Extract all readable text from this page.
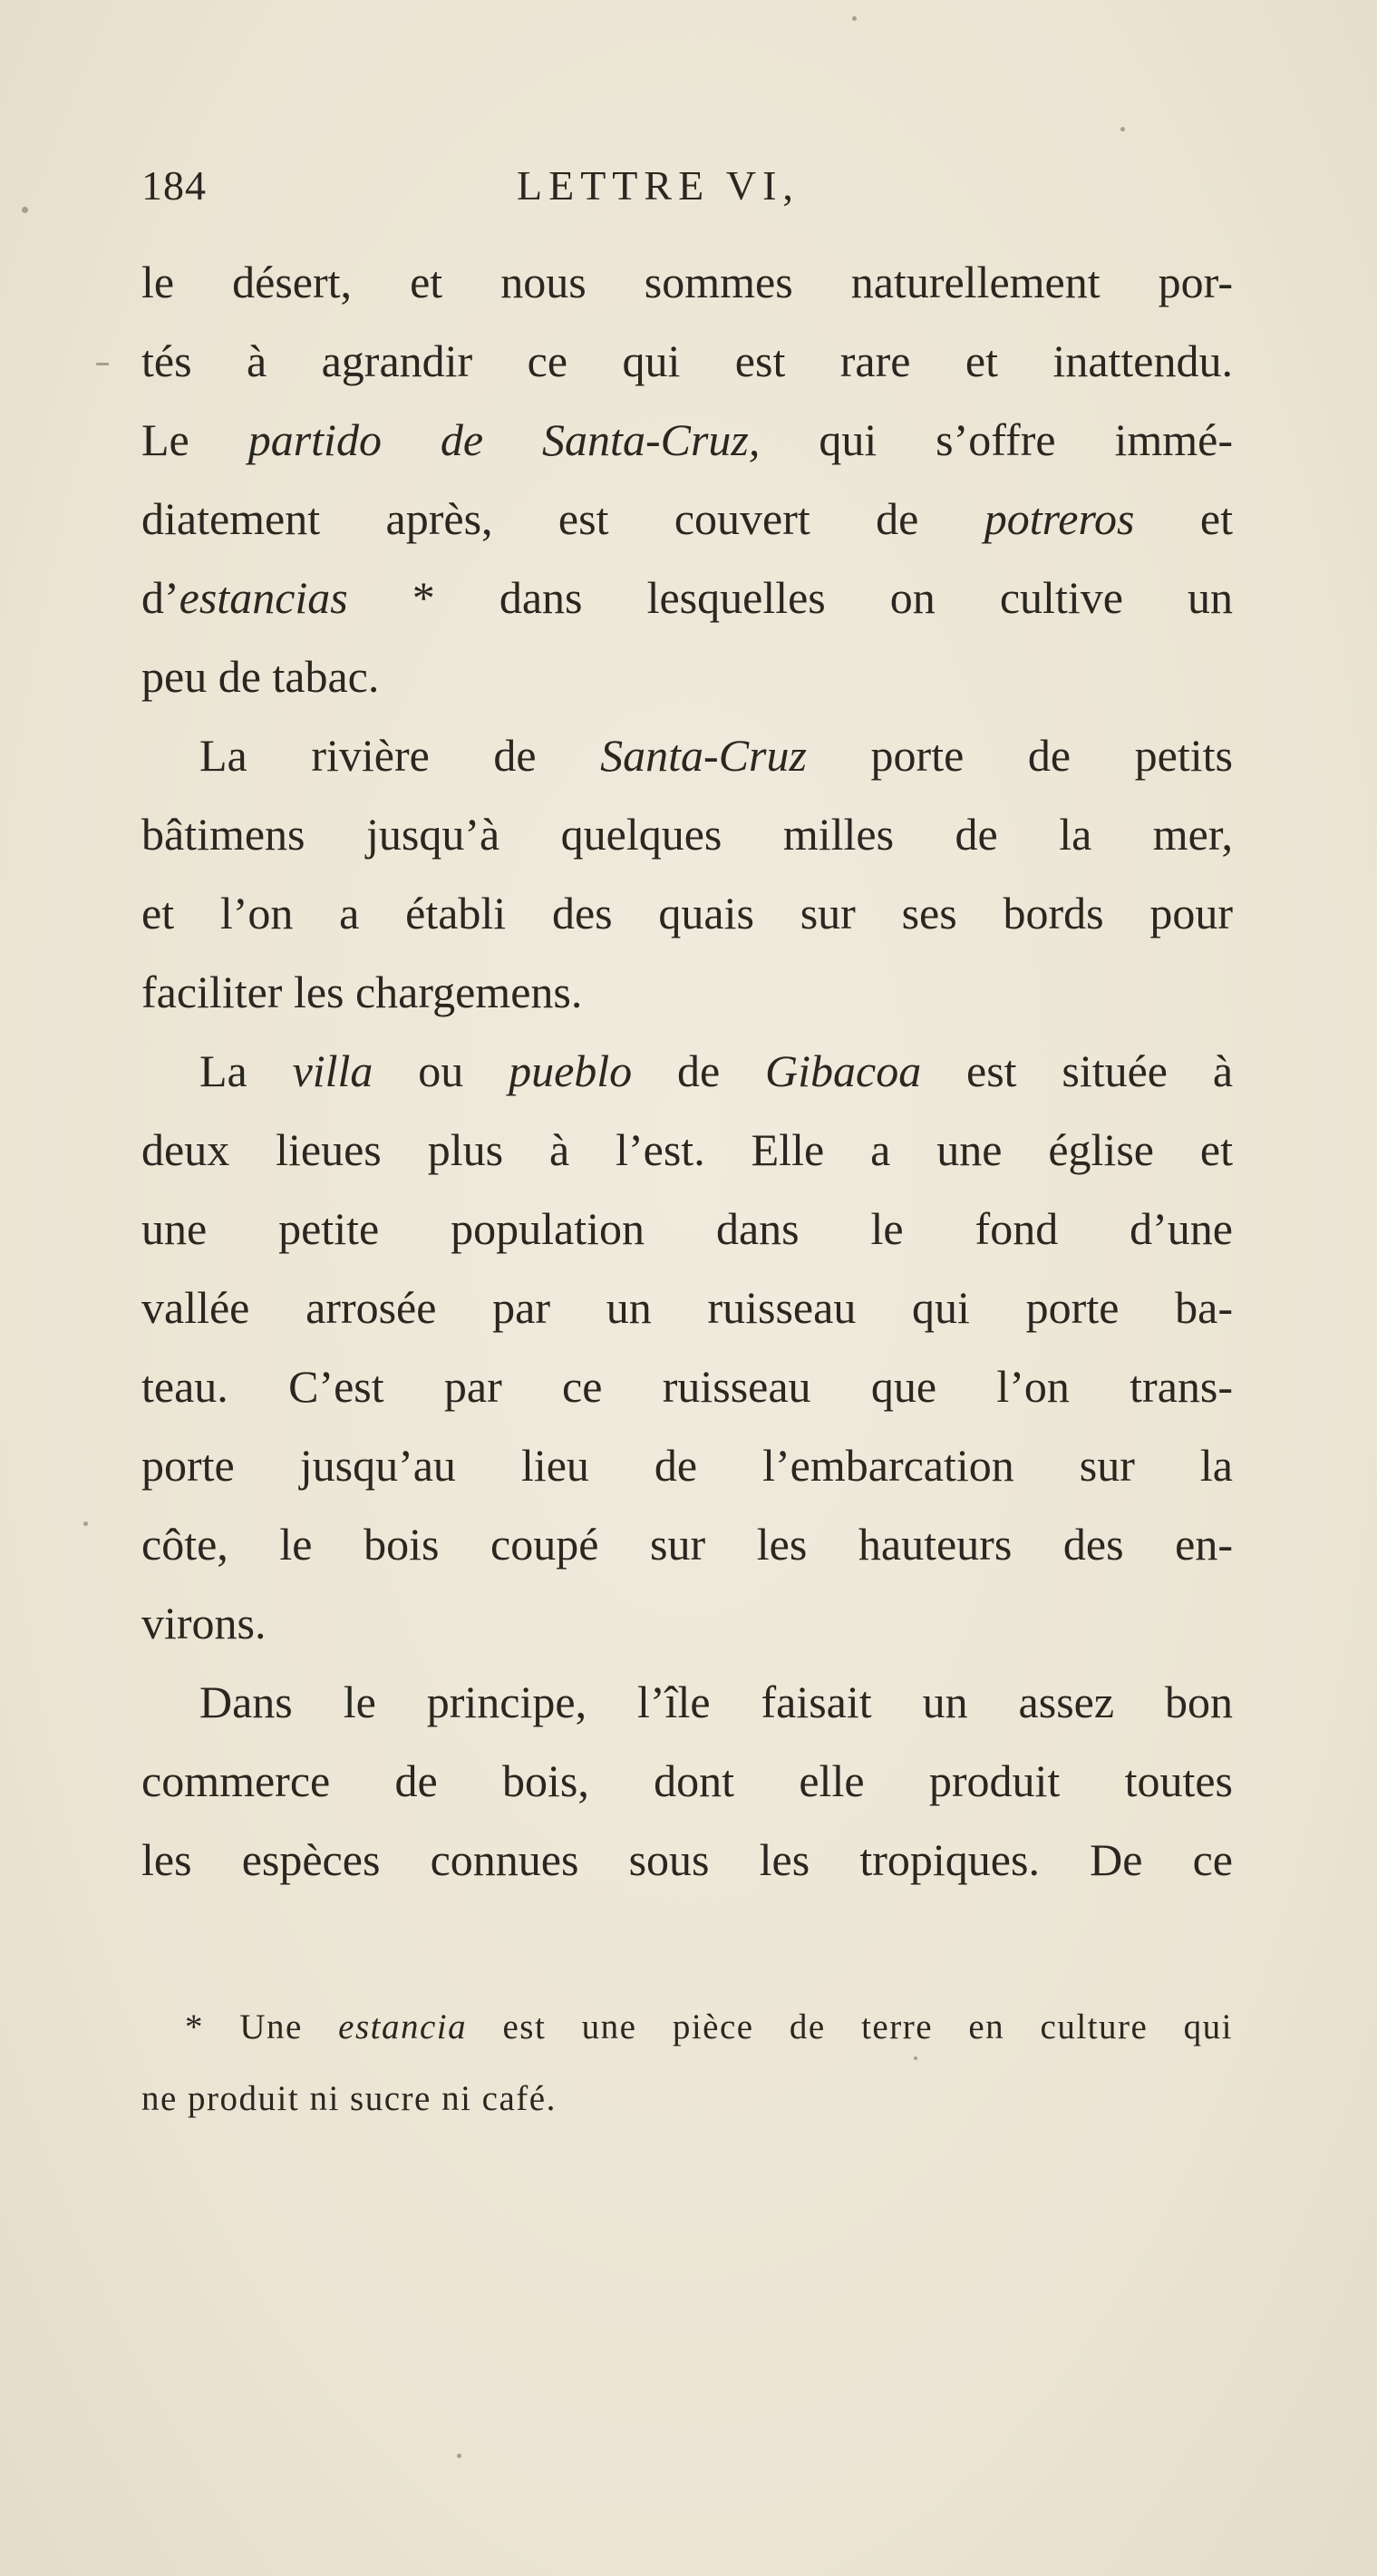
184	LETTRE VI,
le désert, et nous sommes naturellement por-
tés à agrandir ce qui est rare et inattendu.
Le partido de Santa-Cruz, qui s’offre immé-
diatement après, est couvert de potreros et
d’estancias * dans lesquelles on cultive un
peu de tabac.
La rivière de Santa-Cruz porte de petits
bâtimens jusqu’à quelques milles de la mer,
et l’on a établi des quais sur ses bords pour
faciliter les chargemens.
La villa ou pueblo de Gibacoa est située à
deux lieues plus à l’est. Elle a une église et
une petite population dans le fond d’une
vallée arrosée par un ruisseau qui porte ba-
teau. C’est par ce ruisseau que l’on trans-
porte jusqu’au lieu de l’embarcation sur la
côte, le bois coupé sur les hauteurs des en-
virons.
Dans le principe, l’île faisait un assez bon
commerce de bois, dont elle produit toutes
les espèces connues sous les tropiques. De ce
* Une estancia est une pièce de terre en culture qui
ne produit ni sucre ni café.
